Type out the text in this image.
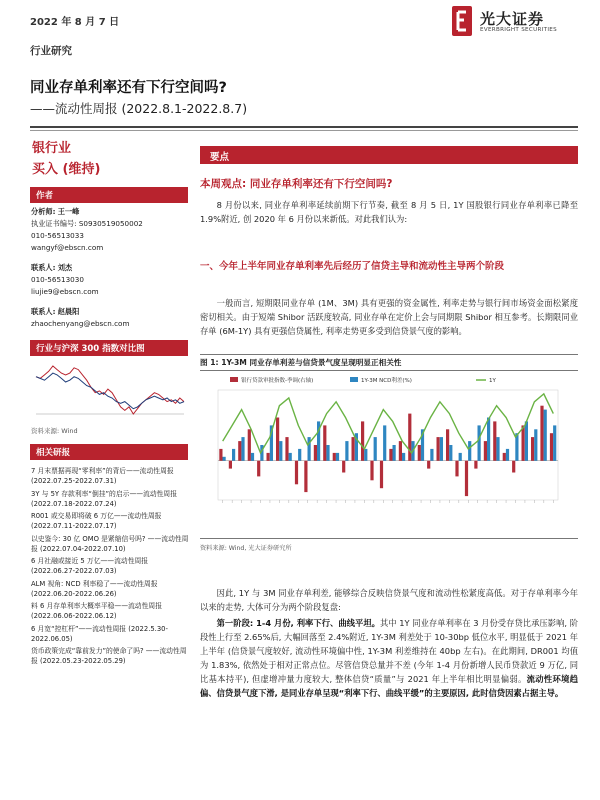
2022 年 8 月 7 日	光大证券
EVERBRIGHT SECURITIES
行业研究
同业存单利率还有下行空间吗?
——流动性周报 (2022.8.1-2022.8.7)
银行业
买入 (维持)
作者
分析师: 王一峰
执业证书编号: S0930519050002
010-56513033
wangyf@ebscn.com
联系人: 刘杰
010-56513030
liujie9@ebscn.com
联系人: 赵晨阳
zhaochenyang@ebscn.com
行业与沪深 300 指数对比图
资料来源: Wind
相关研报
7 月末票据再现“零利率”的背后——流动性周报 (2022.07.25-2022.07.31)
3Y 与 5Y 存款利率“倒挂”的启示——流动性周报 (2022.07.18-2022.07.24)
R001 或交易即将破 6 万亿——流动性周报 (2022.07.11-2022.07.17)
以史鉴今: 30 亿 OMO 是紧缩信号吗? ——流动性周报 (2022.07.04-2022.07.10)
6 月社融或接近 5 万亿——流动性周报 (2022.06.27-2022.07.03)
ALM 视角: NCD 利率稳了——流动性周报 (2022.06.20-2022.06.26)
料 6 月存单利率大概率平稳——流动性周报 (2022.06.06-2022.06.12)
6 月宽“控杠杆”——流动性周报 (2022.5.30-2022.06.05)
货币政策完成“靠前发力”的使命了吗? ——流动性周报 (2022.05.23-2022.05.29)
要点
本周观点: 同业存单利率还有下行空间吗?
8 月份以来, 同业存单利率延续前期下行节奏, 截至 8 月 5 日, 1Y 国股银行同业存单利率已降至 1.9%附近, 创 2020 年 6 月份以来新低。对此我们认为:
一、今年上半年同业存单利率先后经历了信贷主导和流动性主导两个阶段
一般而言, 短期限同业存单 (1M、3M) 具有更强的资金属性, 利率走势与银行间市场资金面松紧度密切相关。由于短端 Shibor 活跃度较高, 同业存单在定价上会与同期限 Shibor 相互参考。长期限同业存单 (6M-1Y) 具有更强信贷属性, 利率走势更多受到信贷景气度的影响。
图 1: 1Y-3M 同业存单利差与信贷景气度呈现明显正相关性
银行贷款审批指数-季调(右轴)	1Y-3M NCD利差(%)	1Y
资料来源: Wind, 光大证券研究所
因此, 1Y 与 3M 同业存单利差, 能够综合反映信贷景气度和流动性松紧度高低。对于存单利率今年以来的走势, 大体可分为两个阶段复盘:
第一阶段: 1-4 月份, 利率下行、曲线平坦。其中 1Y 同业存单利率在 3 月份受存贷比承压影响, 阶段性上行至 2.65%后, 大幅回落至 2.4%附近, 1Y-3M 利差处于 10-30bp 低位水平, 明显低于 2021 年上半年 (信贷景气度较好, 流动性环境偏中性, 1Y-3M 利差维持在 40bp 左右)。在此期间, DR001 均值为 1.83%, 依然处于相对正常点位。尽管信贷总量并不差 (今年 1-4 月份新增人民币贷款近 9 万亿, 同比基本持平), 但虚增冲量力度较大, 整体信贷“质量”与 2021 年上半年相比明显偏弱。流动性环境趋偏、信贷景气度下滑, 是同业存单呈现“利率下行、曲线平缓”的主要原因, 此时信贷因素占据主导。
